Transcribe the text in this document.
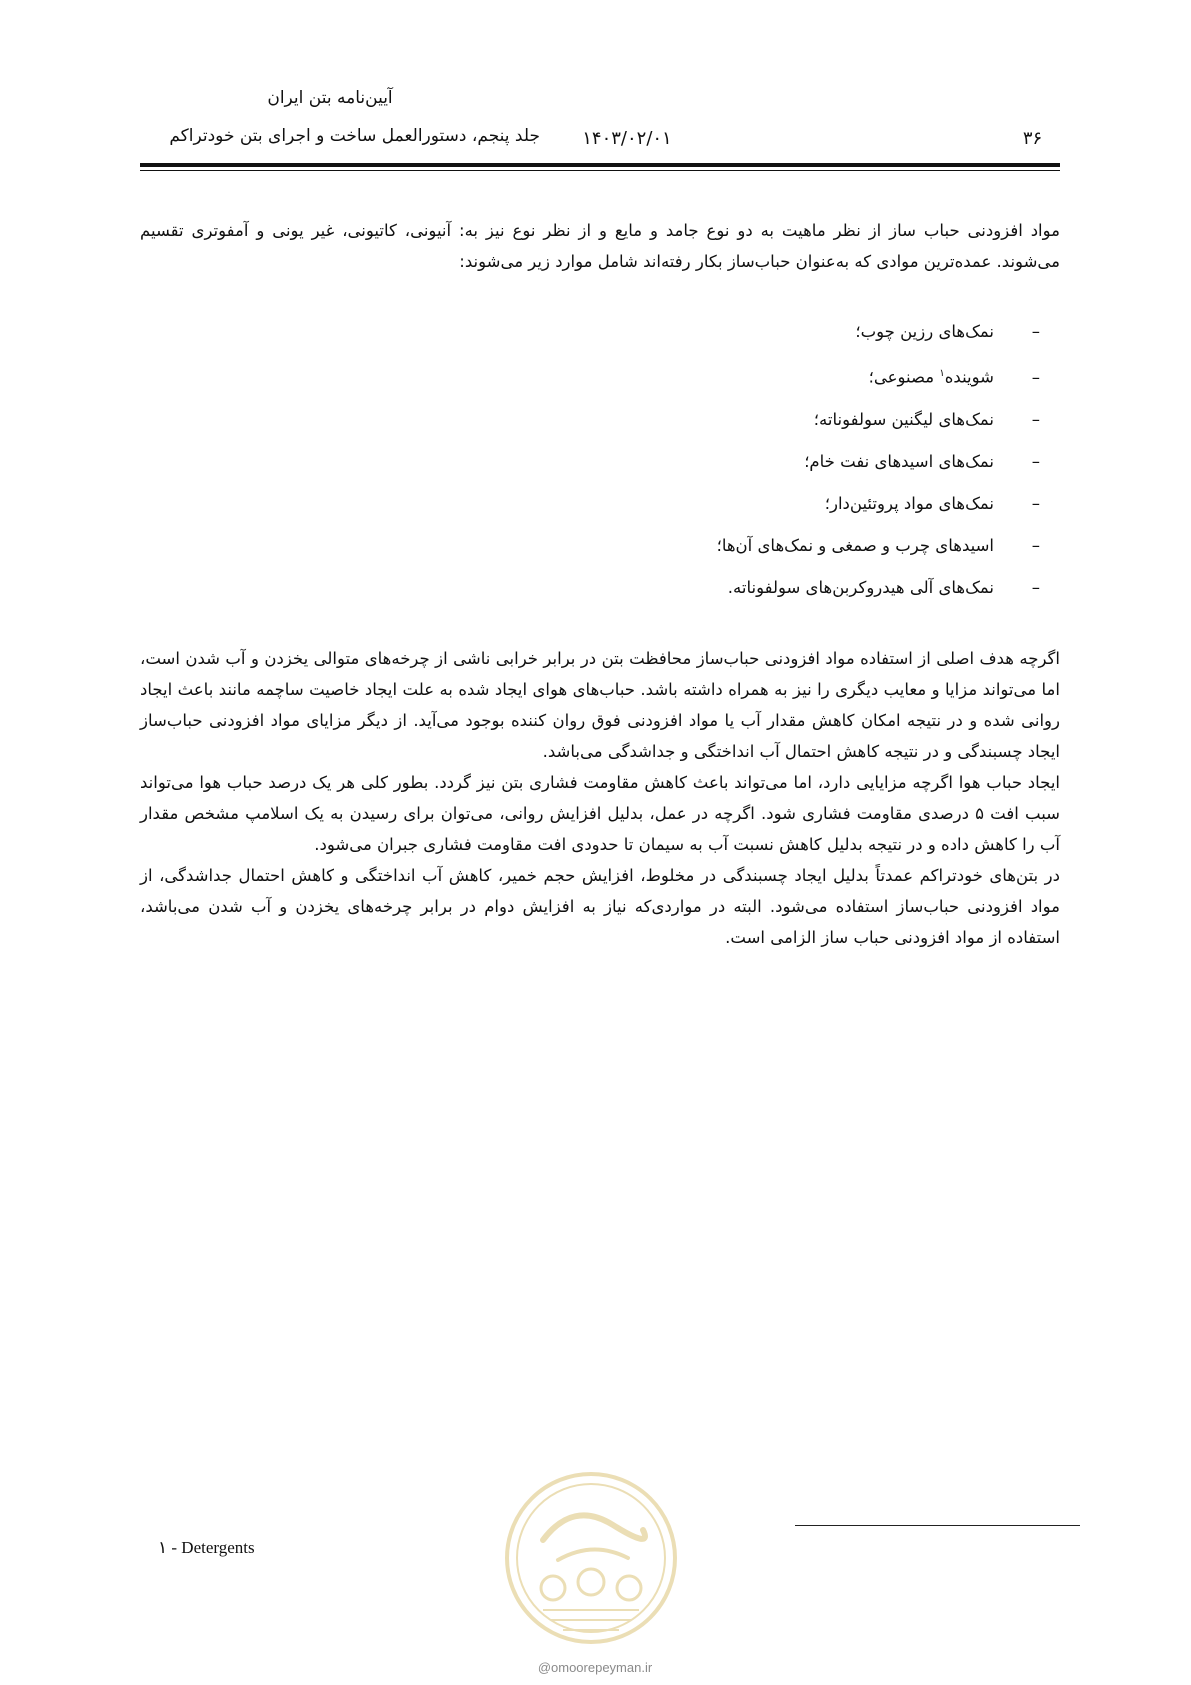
آیین‌نامه بتن ایران
جلد پنجم، دستورالعمل ساخت و اجرای بتن خودتراکم	۱۴۰۳/۰۲/۰۱	۳۶

مواد افزودنی حباب ساز از نظر ماهیت به دو نوع جامد و مایع و از نظر نوع نیز به: آنیونی، کاتیونی، غیر یونی و آمفوتری تقسیم می‌شوند. عمده‌ترین موادی که به‌عنوان حباب‌ساز بکار رفته‌اند شامل موارد زیر می‌شوند:

–
نمک‌های رزین چوب؛
–
شوینده$^۱$ مصنوعی؛
–
نمک‌های لیگنین سولفوناته؛
–
نمک‌های اسیدهای نفت خام؛
–
نمک‌های مواد پروتئین‌دار؛
–
اسیدهای چرب و صمغی و نمک‌های آن‌ها؛
–
نمک‌های آلی هیدروکربن‌های سولفوناته.

اگرچه هدف اصلی از استفاده مواد افزودنی حباب‌ساز محافظت بتن در برابر خرابی ناشی از چرخه‌های متوالی یخزدن و آب شدن است، اما می‌تواند مزایا و معایب دیگری را نیز به همراه داشته باشد. حباب‌های هوای ایجاد شده به علت ایجاد خاصیت ساچمه مانند باعث ایجاد روانی شده و در نتیجه امکان کاهش مقدار آب یا مواد افزودنی فوق روان کننده بوجود می‌آید. از دیگر مزایای مواد افزودنی حباب‌ساز ایجاد چسبندگی و در نتیجه کاهش احتمال آب انداختگی و جداشدگی می‌باشد.

ایجاد حباب هوا اگرچه مزایایی دارد، اما می‌تواند باعث کاهش مقاومت فشاری بتن نیز گردد. بطور کلی هر یک درصد حباب هوا می‌تواند سبب افت ۵ درصدی مقاومت فشاری شود. اگرچه در عمل، بدلیل افزایش روانی، می‌توان برای رسیدن به یک اسلامپ مشخص مقدار آب را کاهش داده و در نتیجه بدلیل کاهش نسبت آب به سیمان تا حدودی افت مقاومت فشاری جبران می‌شود.

در بتن‌های خودتراکم عمدتاً بدلیل ایجاد چسبندگی در مخلوط، افزایش حجم خمیر، کاهش آب انداختگی و کاهش احتمال جداشدگی، از مواد افزودنی حباب‌ساز استفاده می‌شود. البته در مواردی‌که نیاز به افزایش دوام در برابر چرخه‌های یخزدن و آب شدن می‌باشد، استفاده از مواد افزودنی حباب ساز الزامی است.

۱ - Detergents
@omoorepeyman.ir
